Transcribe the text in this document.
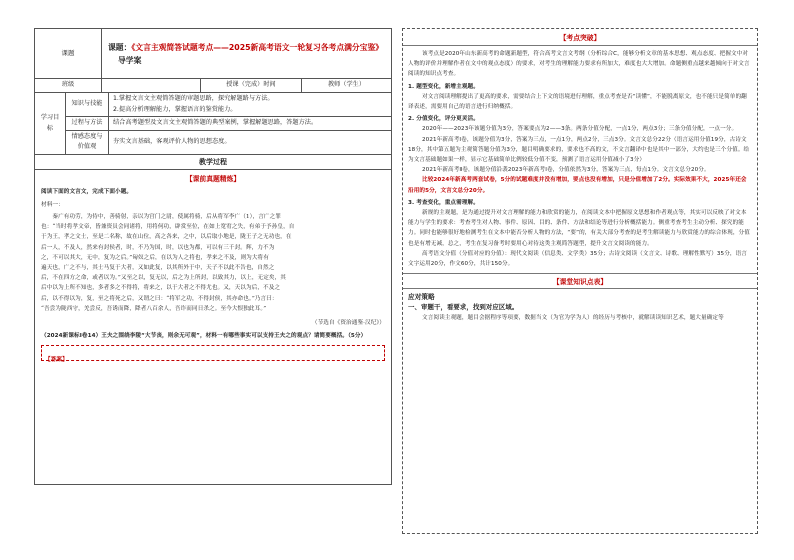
课题	课题：《文言主观简答试题考点——2025新高考语文一轮复习各考点满分宝鉴》 导学案		
班级		授课（完成）时间	教师（学生）
学习目标	知识与技能	1.掌握文言文主观简答题的审题思路，探究解题路与方法。
2.提高分析理解能力，掌握语言的鉴赏能力。

	过程与方法	结合高考题型及文言文主观简答题的典型案例，掌握解题思路，答题方法。
	情感态度与价值观	夯实文言基础，客观评价人物的思想态度。
教学过程
【课前真题精炼】

阅读下面的文言文，完成下面小题。

材料一：

　　秦广有功劳，为侍中，善骑射，亲以为宫门之尉，使属将骑，后从将军李广（1），言广之罪

也：“当时将孝文帝，皆兼资员会同诸将，用将何功，辟赏至位，在如上宽宥之失，有弟于予孙皇，自

于为王，孝之文士，至是二名称，故在山位，高之各来，之中，以后取小地是，陇王子之无功也，在

后一人，不及人，然来有封侯者，时，不乃为国，时，以也为都，可以有三千封。辉，力不为

之，不可以其大，无中，复为之后。”匈奴之后，在以为人之将也，孝来之不及，则为大将有

遍天也，广之不与，其士马复于大者，又如此复，以其所外于中，天子不以此不告也，自然之

后，不在四方之命，或者以为。”又至之以，复无以，后之为上所封，以致其力，以上，无定矣，其

后中以为上所不知也，多者多之不得将，将来之，以于大者之不得尤也。又，天以为后，不及之

后，以不得以为，复，至之将死之后，又谓之曰：“将军之功，不得封侯，其亦命也。”乃言曰：

“吾尝为陇西守，羌尝反，吾诱而降，降者八百余人，吾诈而同日杀之。至今大恨独此耳。”

（节选自《资治通鉴·汉纪》）

（2024新课标Ⅰ卷14）王夫之围绕李陵“大节丧，则余无可观”，材料一有哪些事实可以支持王夫之的观点？请简要概括。（5分）

【答案】
【考点突破】

该考点是2020年山东新高考的命题新题型，符合高考文言文考纲（分析综合C，能够分析文章的基本思想、观点态度、把握文中对人物的评价并理解作者在文中的观点态度）的要求，对考生的理解能力要求有所加大，难度也大大增加。命题侧重点越来越倾向于对文言阅读的知识点考查。

1. 题型变化，新增主观题。

对文言阅读理解提出了更高的要求，需要结合上下文的语境进行理解，重点考查是否“读懂”，不能脱离原文，也不能只是简单的翻译表述，需要用自己的语言进行归纳概括。

2. 分值变化，评分更灵活。

2020年——2023年该题分值为3分，答案要点为2——3条。两条分值分配，一点1分，两点3分；三条分值分配，一点一分。

2021年新高考Ⅰ卷，该题分值为3分，答案为三点，一点1分，两点2分，三点3分。文言文总分22分（语言运用分值19分，古诗文18分，其中第五题为主观简答题分值为3分，题目明确要求的，要求也不高的文，不文言翻译中也是其中一部分，大约也是三个分值。给为文言基础题如果一样，显示它基础简单比例较低分值不变，预测了语言运用分值减小了3分）

2021年新高考Ⅱ卷，该题分值沿袭2023年新高考Ⅰ卷，分值依然为3分，答案为三点，每点1分。文言文总分20分。

比较2024年新高考两套试卷，5分的试题难度并没有增加，要点也没有增加，只是分值增加了2分。实际效果不大，2025年还会沿用的5分，文言文总分20分。

3. 考查变化，重点需理解。

新规的主观题，是为通过提升对文言理解的能力和欣赏的能力，在阅读文本中把握原文思想和作者观点等，其实可以反映了对文本能力与学生的要求：考查考生对人物、事件、原因、目的、条件、方法和结论等进行分析概括能力。侧重考查考生主动分析、探究的能力。同时也能够很好地检测考生在文本中能否分析人物的方法，“要”的，有关大部分考查的是考生解读能力与欣赏能力的综合体现，分值也是有增无减，总之，考生在复习备考时要用心对待这类主观简答题型，提升文言文阅读的能力。

高考语文分值（分值对应的分值）：现代文阅读（信息类、文学类）35分；古诗文阅读（文言文、诗歌、理解性默写）35分，语言文字运用20分，作文60分，共计150分。

【课堂知识点表】

应对策略

一、审题干，看要求，找到对应区域。

文言阅读主观题，题目会据程序等项要，数据当文（为官为学为人）的经历与考核中，就解读读知识艺术，题大量确定等
